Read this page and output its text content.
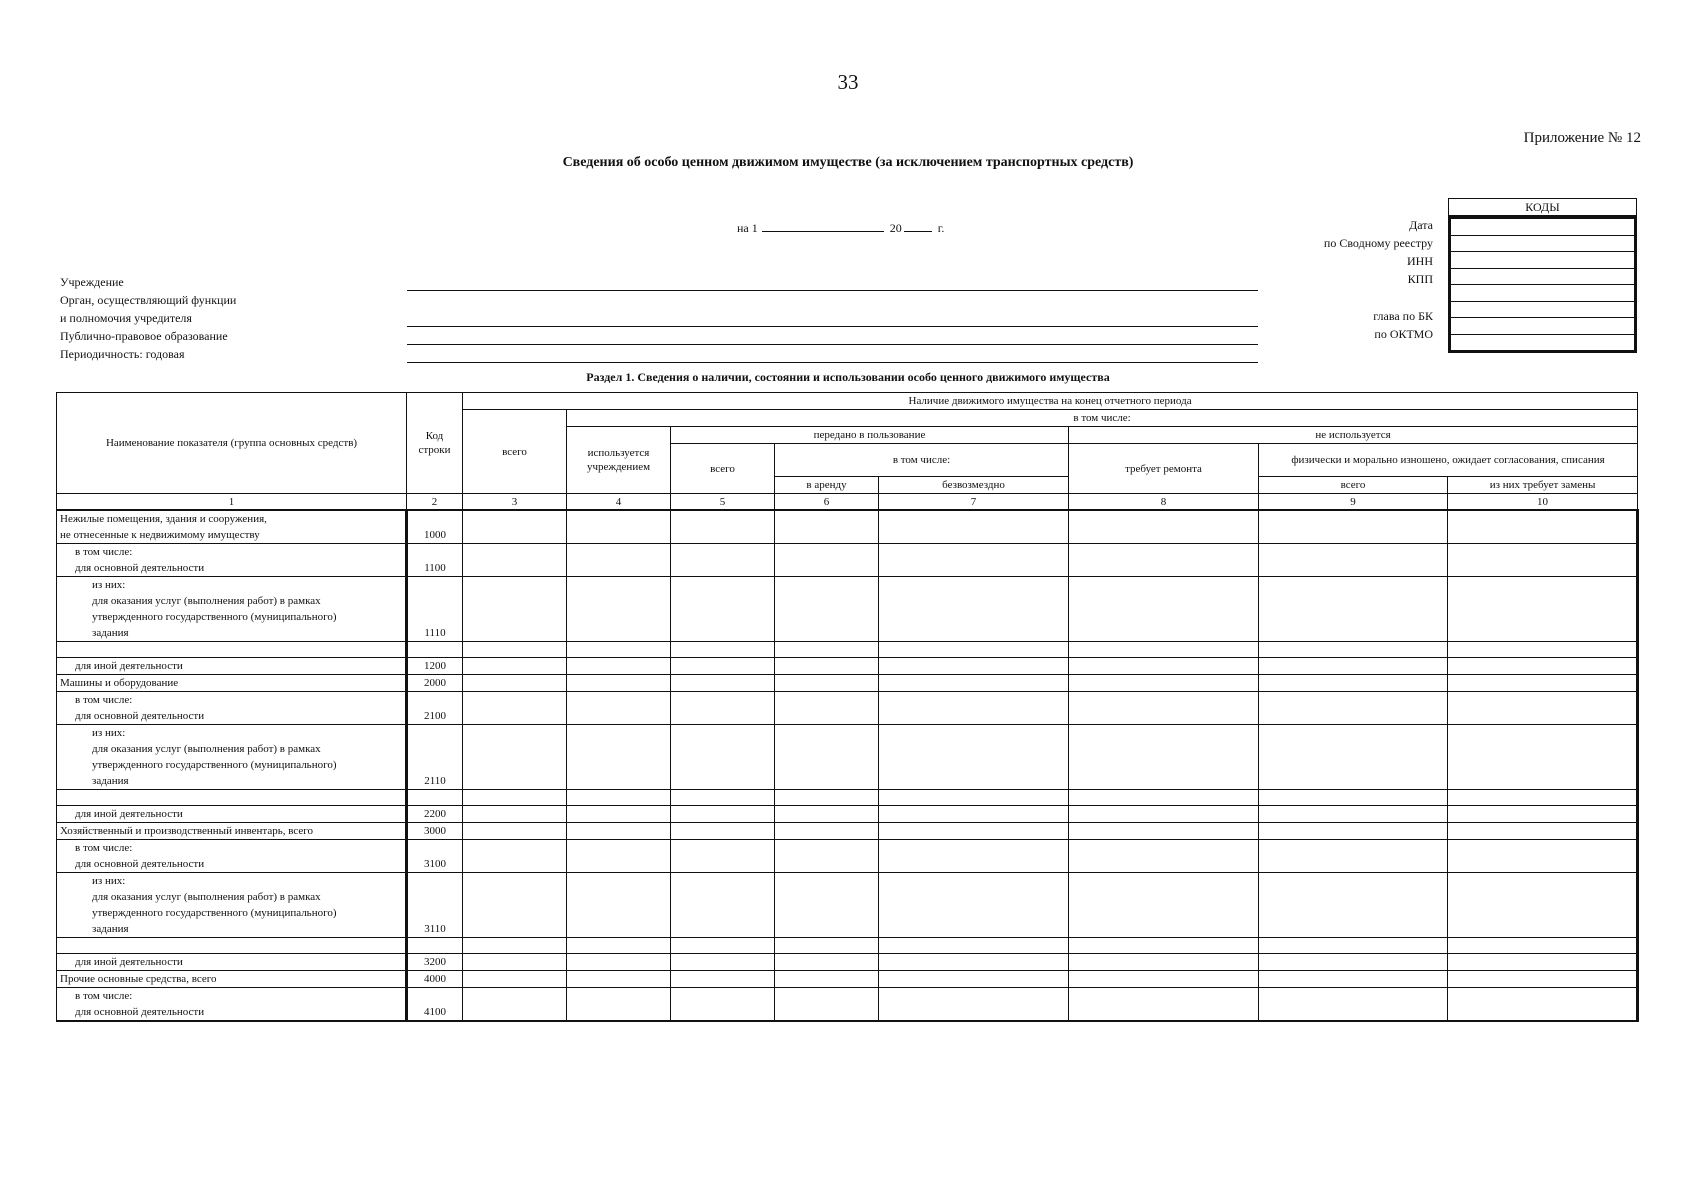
33
Приложение № 12
Сведения об особо ценном движимом имуществе (за исключением транспортных средств)
на 1	20	г.
Учреждение
Орган, осуществляющий функции
и полномочия учредителя
Публично-правовое образование
Периодичность: годовая
Дата
по Сводному реестру
ИНН
КПП
глава по БК
по ОКТМО
КОДЫ
Раздел 1. Сведения о наличии, состоянии и использовании особо ценного движимого имущества
Наименование показателя (группа основных средств)	Код строки	Наличие движимого имущества на конец отчетного периода							
		всего	в том числе:						
			используется учреждением	передано в пользование			не используется		
				всего	в том числе:		требует ремонта	физически и морально изношено, ожидает согласования, списания	
					в аренду	безвозмездно		всего	из них требует замены
1	2	3	4	5	6	7	8	9	10

Нежилые помещения, здания и сооружения,
не отнесенные к недвижимому имуществу	1000								

в том числе:
для основной деятельности	1100								

из них:
для оказания услуг (выполнения работ) в рамках
утвержденного государственного (муниципального)
задания	1110								

для иной деятельности	1200								

Машины и оборудование	2000								

в том числе:
для основной деятельности	2100								

из них:
для оказания услуг (выполнения работ) в рамках
утвержденного государственного (муниципального)
задания	2110								

для иной деятельности	2200								

Хозяйственный и производственный инвентарь, всего	3000								

в том числе:
для основной деятельности	3100								

из них:
для оказания услуг (выполнения работ) в рамках
утвержденного государственного (муниципального)
задания	3110								

для иной деятельности	3200								

Прочие основные средства, всего	4000								

в том числе:
для основной деятельности	4100								
